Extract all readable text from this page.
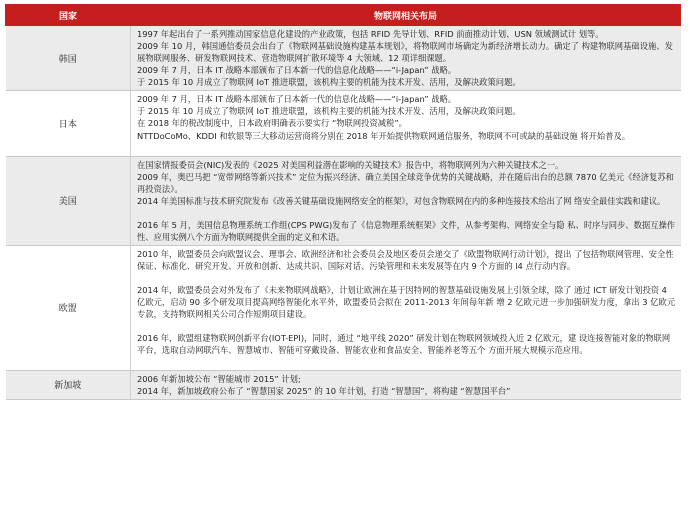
国家	物联网相关布局
韩国	1997 年起出台了一系列推动国家信息化建设的产业政策，包括 RFID 先导计划、RFID 前面推动计划、USN 领域测试计 划等。
2009 年 10 月，韩国通信委员会出台了《物联网基础设施构建基本规划》，将物联网市场确定为新经济增长动力。确定了 构建物联网基础设施、发展物联网服务、研发物联网技术、营造物联网扩散环境等 4 大领域、12 项详细课题。
2009 年 7 月，日本 IT 战略本部颁布了日本新一代的信息化战略——“i-Japan” 战略。
于 2015 年 10 月成立了物联网 IoT 推进联盟，该机构主要的机能为技术开发、活用，及解决政策问题。

日本	2009 年 7 月，日本 IT 战略本部颁布了日本新一代的信息化战略——“i-Japan” 战略。
于 2015 年 10 月成立了物联网 IoT 推进联盟，该机构主要的机能为技术开发、活用，及解决政策问题。
在 2018 年的税改制度中，日本政府明确表示要实行 “物联网投资减税”。
NTTDoCoMo、KDDI 和软银等三大移动运营商将分别在 2018 年开始提供物联网通信服务，物联网不可或缺的基础设施 将开始普及。

美国	在国家情报委员会(NIC)发表的《2025 对美国利益潜在影响的关键技术》报告中，将物联网列为六种关键技术之一。
2009 年，奥巴马把 “宽带网络等新兴技术” 定位为振兴经济、确立美国全球竞争优势的关键战略，并在随后出台的总额 7870 亿美元《经济复苏和再投资法》。
2014 年美国标准与技术研究院发布《改善关键基础设施网络安全的框架》，对包含物联网在内的多种连接技术给出了网 络安全最佳实践和建议。
2016 年 5 月，美国信息物理系统工作组(CPS PWG)发布了《信息物理系统框架》文件，从参考架构、网络安全与隐 私、时序与同步、数据互操作性、应用实例八个方面为物联网提供全面的定义和术语。

欧盟	2010 年，欧盟委员会向欧盟议会、理事会、欧洲经济和社会委员会及地区委员会递交了《欧盟物联网行动计划》，提出 了包括物联网管理、安全性保证、标准化、研究开发、开放和创新、达成共识、国际对话、污染管理和未来发展等在内 9 个方面的 l4 点行动内容。
2014 年，欧盟委员会对外发布了《未来物联网战略》，计划让欧洲在基于因特网的智慧基础设施发展上引领全球，除了 通过 ICT 研发计划投资 4 亿欧元，启动 90 多个研发项目提高网络智能化水平外，欧盟委员会拟在 2011-2013 年间每年新 增 2 亿欧元进一步加强研发力度，拿出 3 亿欧元专款，支持物联网相关公司合作短期项目建设。
2016 年，欧盟组建物联网创新平台(IOT-EPI)，同时，通过 “地平线 2020” 研发计划在物联网领域投入近 2 亿欧元，建 设连接智能对象的物联网平台，选取自动网联汽车、智慧城市、智能可穿戴设备、智能农业和食品安全、智能养老等五个 方面开展大规模示范应用。

新加坡	2006 年新加坡公布 “智能城市 2015” 计划;
2014 年，新加坡政府公布了 “智慧国家 2025” 的 10 年计划，打造 “智慧国”，将构建 “智慧国平台”
